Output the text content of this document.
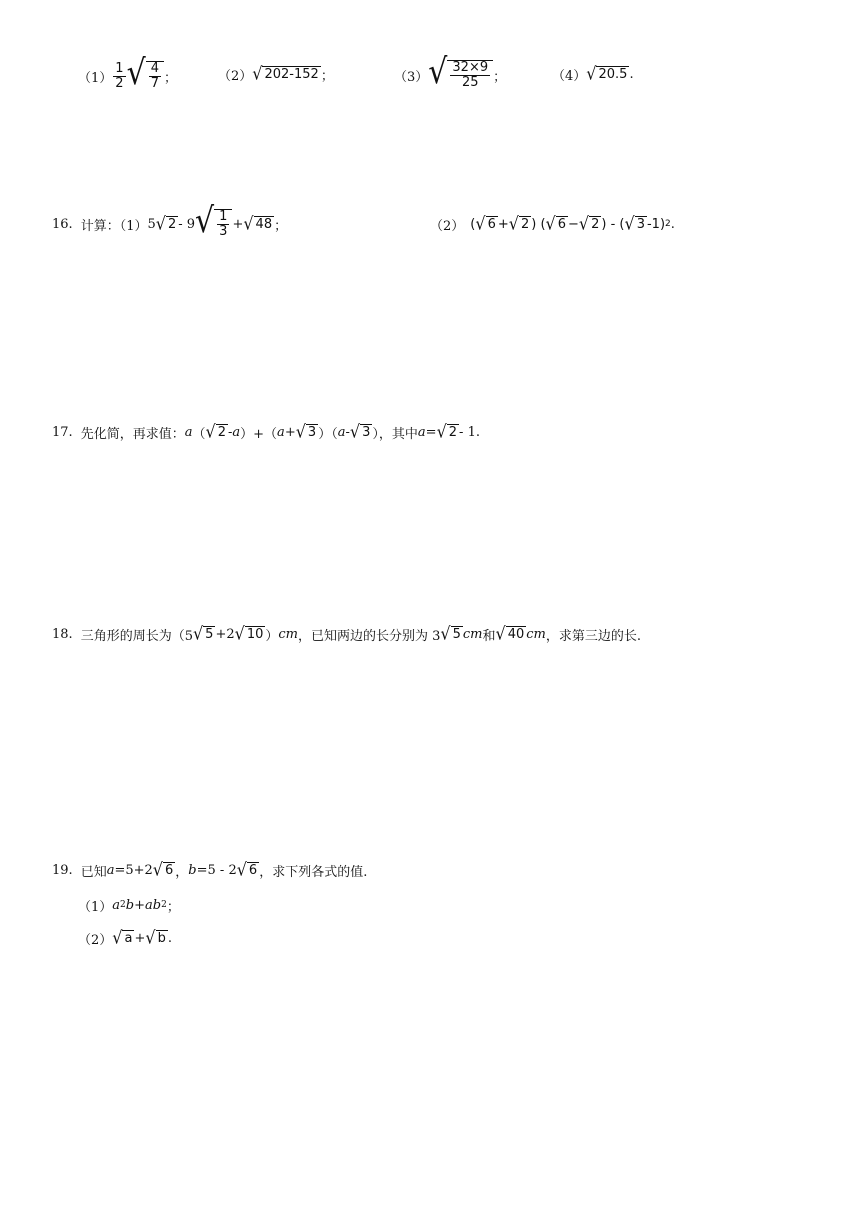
$(1) \frac{1}{2}$ √ $\frac{4}{7}$ ；	（2） √ 202-152 ；	（3） √ $\frac{32\times 9}{25}$ ；	（4） √ 20.5 .
16. 计算：（1） 5 √ 2 - 9 √ $\frac{1}{3}$ + √ 48 ；	（2） ( √ 6 + √ 2 ) ( √ 6 − √ 2 ) - ( √ 3 -1) 2 .
17. 先化简，再求值： a （ √ 2 - a ）+（ a + √ 3 ）（ a - √ 3 ），其中 a = √ 2 - 1.
18. 三角形的周长为（5 √ 5 +2 √ 10 ） cm ，已知两边的长分别为 3 √ 5 cm 和 √ 40 cm ，求第三边的长.
19. 已知 a =5+2 √ 6 ， b =5 - 2 √ 6 ，求下列各式的值.
（1） a 2 b + a b 2 ；
（2） √ a + √ b .
